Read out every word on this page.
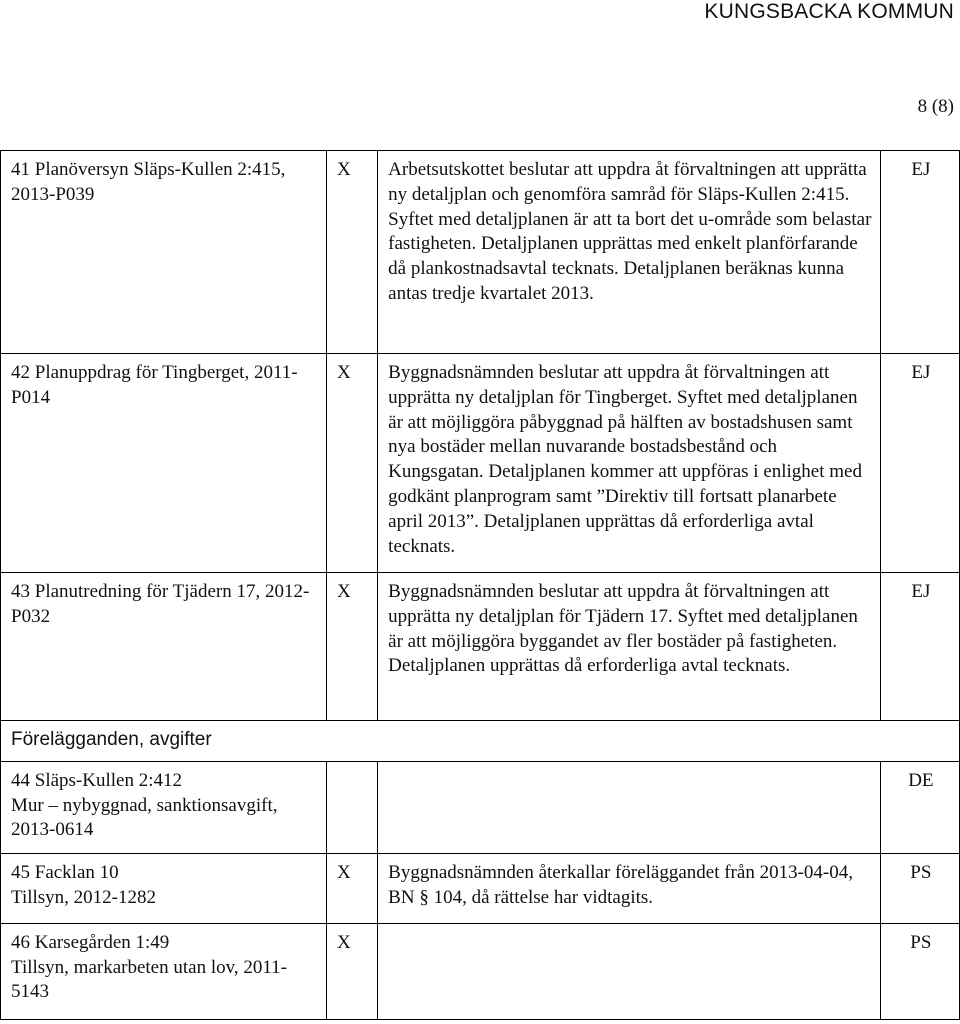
KUNGSBACKA KOMMUN
8 (8)
41 Planöversyn Släps-Kullen 2:415, 2013-P039	X	Arbetsutskottet beslutar att uppdra åt förvaltningen att upprätta ny detaljplan och genomföra samråd för Släps-Kullen 2:415. Syftet med detaljplanen är att ta bort det u-område som belastar fastigheten. Detaljplanen upprättas med enkelt planförfarande då plankostnadsavtal tecknats. Detaljplanen beräknas kunna antas tredje kvartalet 2013.	EJ
42 Planuppdrag för Tingberget, 2011-P014	X	Byggnadsnämnden beslutar att uppdra åt förvaltningen att upprätta ny detaljplan för Tingberget. Syftet med detaljplanen är att möjliggöra påbyggnad på hälften av bostadshusen samt nya bostäder mellan nuvarande bostadsbestånd och Kungsgatan. Detaljplanen kommer att uppföras i enlighet med godkänt planprogram samt ”Direktiv till fortsatt planarbete april 2013”. Detaljplanen upprättas då erforderliga avtal tecknats.	EJ
43 Planutredning för Tjädern 17, 2012-P032	X	Byggnadsnämnden beslutar att uppdra åt förvaltningen att upprätta ny detaljplan för Tjädern 17. Syftet med detaljplanen är att möjliggöra byggandet av fler bostäder på fastigheten. Detaljplanen upprättas då erforderliga avtal tecknats.	EJ
Förelägganden, avgifter			
44 Släps-Kullen 2:412
Mur – nybyggnad, sanktionsavgift, 2013-0614			DE
45 Facklan 10
Tillsyn, 2012-1282	X	Byggnadsnämnden återkallar föreläggandet från 2013-04-04, BN § 104, då rättelse har vidtagits.	PS
46 Karsegården 1:49
Tillsyn, markarbeten utan lov, 2011-5143	X		PS
